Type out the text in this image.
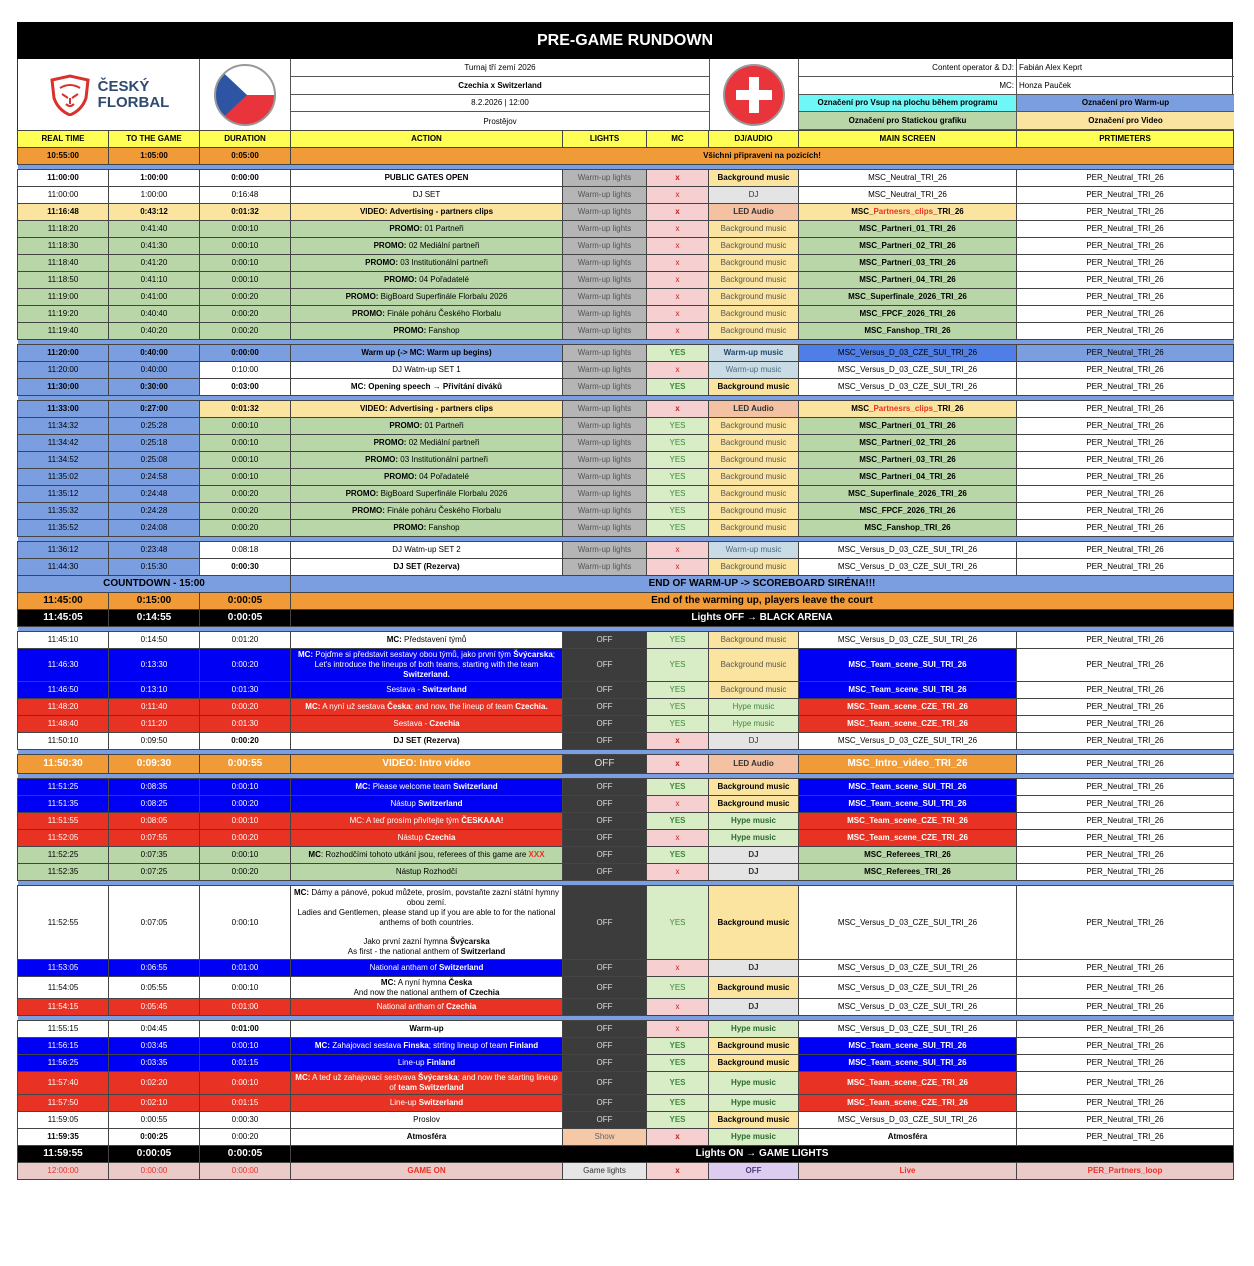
PRE-GAME RUNDOWN
ČESKÝ
FLORBAL
Turnaj tří zemí 2026
Czechia x Switzerland
8.2.2026 | 12:00
Prostějov
Content operator & DJ: Fabián Alex Keprt
MC: Honza Pauček
Označení pro Vsup na plochu během programu	Označení pro Warm-up
Označení pro Statickou grafiku	Označení pro Video
REAL TIME	TO THE GAME	DURATION	ACTION	LIGHTS	MC	DJ/AUDIO	MAIN SCREEN	PRTIMETERS
10:55:00	1:05:00	0:05:00	Všichni připraveni na pozicích!					

11:00:00	1:00:00	0:00:00	PUBLIC GATES OPEN	Warm-up lights	x	Background music	MSC_Neutral_TRI_26	PER_Neutral_TRI_26
11:00:00	1:00:00	0:16:48	DJ SET	Warm-up lights	x	DJ	MSC_Neutral_TRI_26	PER_Neutral_TRI_26
11:16:48	0:43:12	0:01:32	VIDEO: Advertising - partners clips	Warm-up lights	x	LED Audio	MSC_Partnesrs_clips_TRI_26	PER_Neutral_TRI_26
11:18:20	0:41:40	0:00:10	PROMO: 01 Partneři	Warm-up lights	x	Background music	MSC_Partneri_01_TRI_26	PER_Neutral_TRI_26
11:18:30	0:41:30	0:00:10	PROMO: 02 Mediální partneři	Warm-up lights	x	Background music	MSC_Partneri_02_TRI_26	PER_Neutral_TRI_26
11:18:40	0:41:20	0:00:10	PROMO: 03 Institutionální partneři	Warm-up lights	x	Background music	MSC_Partneri_03_TRI_26	PER_Neutral_TRI_26
11:18:50	0:41:10	0:00:10	PROMO: 04 Pořadatelé	Warm-up lights	x	Background music	MSC_Partneri_04_TRI_26	PER_Neutral_TRI_26
11:19:00	0:41:00	0:00:20	PROMO: BigBoard Superfinále Florbalu 2026	Warm-up lights	x	Background music	MSC_Superfinale_2026_TRI_26	PER_Neutral_TRI_26
11:19:20	0:40:40	0:00:20	PROMO: Finále poháru Českého Florbalu	Warm-up lights	x	Background music	MSC_FPCF_2026_TRI_26	PER_Neutral_TRI_26
11:19:40	0:40:20	0:00:20	PROMO: Fanshop	Warm-up lights	x	Background music	MSC_Fanshop_TRI_26	PER_Neutral_TRI_26

11:20:00	0:40:00	0:00:00	Warm up (-> MC: Warm up begins)	Warm-up lights	YES	Warm-up music	MSC_Versus_D_03_CZE_SUI_TRI_26	PER_Neutral_TRI_26
11:20:00	0:40:00	0:10:00	DJ Watm-up SET 1	Warm-up lights	x	Warm-up music	MSC_Versus_D_03_CZE_SUI_TRI_26	PER_Neutral_TRI_26
11:30:00	0:30:00	0:03:00	MC: Opening speech → Přivítání diváků	Warm-up lights	YES	Background music	MSC_Versus_D_03_CZE_SUI_TRI_26	PER_Neutral_TRI_26

11:33:00	0:27:00	0:01:32	VIDEO: Advertising - partners clips	Warm-up lights	x	LED Audio	MSC_Partnesrs_clips_TRI_26	PER_Neutral_TRI_26
11:34:32	0:25:28	0:00:10	PROMO: 01 Partneři	Warm-up lights	YES	Background music	MSC_Partneri_01_TRI_26	PER_Neutral_TRI_26
11:34:42	0:25:18	0:00:10	PROMO: 02 Mediální partneři	Warm-up lights	YES	Background music	MSC_Partneri_02_TRI_26	PER_Neutral_TRI_26
11:34:52	0:25:08	0:00:10	PROMO: 03 Institutionální partneři	Warm-up lights	YES	Background music	MSC_Partneri_03_TRI_26	PER_Neutral_TRI_26
11:35:02	0:24:58	0:00:10	PROMO: 04 Pořadatelé	Warm-up lights	YES	Background music	MSC_Partneri_04_TRI_26	PER_Neutral_TRI_26
11:35:12	0:24:48	0:00:20	PROMO: BigBoard Superfinále Florbalu 2026	Warm-up lights	YES	Background music	MSC_Superfinale_2026_TRI_26	PER_Neutral_TRI_26
11:35:32	0:24:28	0:00:20	PROMO: Finále poháru Českého Florbalu	Warm-up lights	YES	Background music	MSC_FPCF_2026_TRI_26	PER_Neutral_TRI_26
11:35:52	0:24:08	0:00:20	PROMO: Fanshop	Warm-up lights	YES	Background music	MSC_Fanshop_TRI_26	PER_Neutral_TRI_26

11:36:12	0:23:48	0:08:18	DJ Watm-up SET 2	Warm-up lights	x	Warm-up music	MSC_Versus_D_03_CZE_SUI_TRI_26	PER_Neutral_TRI_26
11:44:30	0:15:30	0:00:30	DJ SET (Rezerva)	Warm-up lights	x	Background music	MSC_Versus_D_03_CZE_SUI_TRI_26	PER_Neutral_TRI_26
COUNTDOWN - 15:00			END OF WARM-UP -> SCOREBOARD SIRÉNA!!!					
11:45:00	0:15:00	0:00:05	End of the warming up, players leave the court					
11:45:05	0:14:55	0:00:05	Lights OFF → BLACK ARENA					

11:45:10	0:14:50	0:01:20	MC: Představení týmů	OFF	YES	Background music	MSC_Versus_D_03_CZE_SUI_TRI_26	PER_Neutral_TRI_26
11:46:30	0:13:30	0:00:20	MC: Pojďme si představit sestavy obou týmů, jako první tým Švýcarska; Let's introduce the lineups of both teams, starting with the team Switzerland.	OFF	YES	Background music	MSC_Team_scene_SUI_TRI_26	PER_Neutral_TRI_26
11:46:50	0:13:10	0:01:30	Sestava - Switzerland	OFF	YES	Background music	MSC_Team_scene_SUI_TRI_26	PER_Neutral_TRI_26
11:48:20	0:11:40	0:00:20	MC: A nyní už sestava Česka; and now, the lineup of team Czechia.	OFF	YES	Hype music	MSC_Team_scene_CZE_TRI_26	PER_Neutral_TRI_26
11:48:40	0:11:20	0:01:30	Sestava - Czechia	OFF	YES	Hype music	MSC_Team_scene_CZE_TRI_26	PER_Neutral_TRI_26
11:50:10	0:09:50	0:00:20	DJ SET (Rezerva)	OFF	x	DJ	MSC_Versus_D_03_CZE_SUI_TRI_26	PER_Neutral_TRI_26

11:50:30	0:09:30	0:00:55	VIDEO: Intro video	OFF	x	LED Audio	MSC_Intro_video_TRI_26	PER_Neutral_TRI_26

11:51:25	0:08:35	0:00:10	MC: Please welcome team Switzerland	OFF	YES	Background music	MSC_Team_scene_SUI_TRI_26	PER_Neutral_TRI_26
11:51:35	0:08:25	0:00:20	Nástup Switzerland	OFF	x	Background music	MSC_Team_scene_SUI_TRI_26	PER_Neutral_TRI_26
11:51:55	0:08:05	0:00:10	MC: A teď prosím přivítejte tým ČESKAAA!	OFF	YES	Hype music	MSC_Team_scene_CZE_TRI_26	PER_Neutral_TRI_26
11:52:05	0:07:55	0:00:20	Nástup Czechia	OFF	x	Hype music	MSC_Team_scene_CZE_TRI_26	PER_Neutral_TRI_26
11:52:25	0:07:35	0:00:10	MC: Rozhodčími tohoto utkání jsou, referees of this game are XXX	OFF	YES	DJ	MSC_Referees_TRI_26	PER_Neutral_TRI_26
11:52:35	0:07:25	0:00:20	Nástup Rozhodčí	OFF	x	DJ	MSC_Referees_TRI_26	PER_Neutral_TRI_26

11:52:55	0:07:05	0:00:10	MC: Dámy a pánové, pokud můžete, prosím, povstaňte zazní státní hymny obou zemí.
Ladies and Gentlemen, please stand up if you are able to for the national anthems of both countries.
Jako první zazní hymna Švýcarska
As first - the national anthem of Switzerland	OFF	YES	Background music	MSC_Versus_D_03_CZE_SUI_TRI_26	PER_Neutral_TRI_26
11:53:05	0:06:55	0:01:00	National antham of Switzerland	OFF	x	DJ	MSC_Versus_D_03_CZE_SUI_TRI_26	PER_Neutral_TRI_26
11:54:05	0:05:55	0:00:10	MC: A nyní hymna Česka
And now the national anthem of Czechia	OFF	YES	Background music	MSC_Versus_D_03_CZE_SUI_TRI_26	PER_Neutral_TRI_26
11:54:15	0:05:45	0:01:00	National antham of Czechia	OFF	x	DJ	MSC_Versus_D_03_CZE_SUI_TRI_26	PER_Neutral_TRI_26

11:55:15	0:04:45	0:01:00	Warm-up	OFF	x	Hype music	MSC_Versus_D_03_CZE_SUI_TRI_26	PER_Neutral_TRI_26
11:56:15	0:03:45	0:00:10	MC: Zahajovací sestava Finska; strting lineup of team Finland	OFF	YES	Background music	MSC_Team_scene_SUI_TRI_26	PER_Neutral_TRI_26
11:56:25	0:03:35	0:01:15	Line-up Finland	OFF	YES	Background music	MSC_Team_scene_SUI_TRI_26	PER_Neutral_TRI_26
11:57:40	0:02:20	0:00:10	MC: A teď už zahajovací sestvava Švýcarska; and now the starting lineup of team Switzerland	OFF	YES	Hype music	MSC_Team_scene_CZE_TRI_26	PER_Neutral_TRI_26
11:57:50	0:02:10	0:01:15	Line-up Switzerland	OFF	YES	Hype music	MSC_Team_scene_CZE_TRI_26	PER_Neutral_TRI_26
11:59:05	0:00:55	0:00:30	Proslov	OFF	YES	Background music	MSC_Versus_D_03_CZE_SUI_TRI_26	PER_Neutral_TRI_26
11:59:35	0:00:25	0:00:20	Atmosféra	Show	x	Hype music	Atmosféra	PER_Neutral_TRI_26
11:59:55	0:00:05	0:00:05	Lights ON → GAME LIGHTS					
12:00:00	0:00:00	0:00:00	GAME ON	Game lights	x	OFF	Live	PER_Partners_loop
